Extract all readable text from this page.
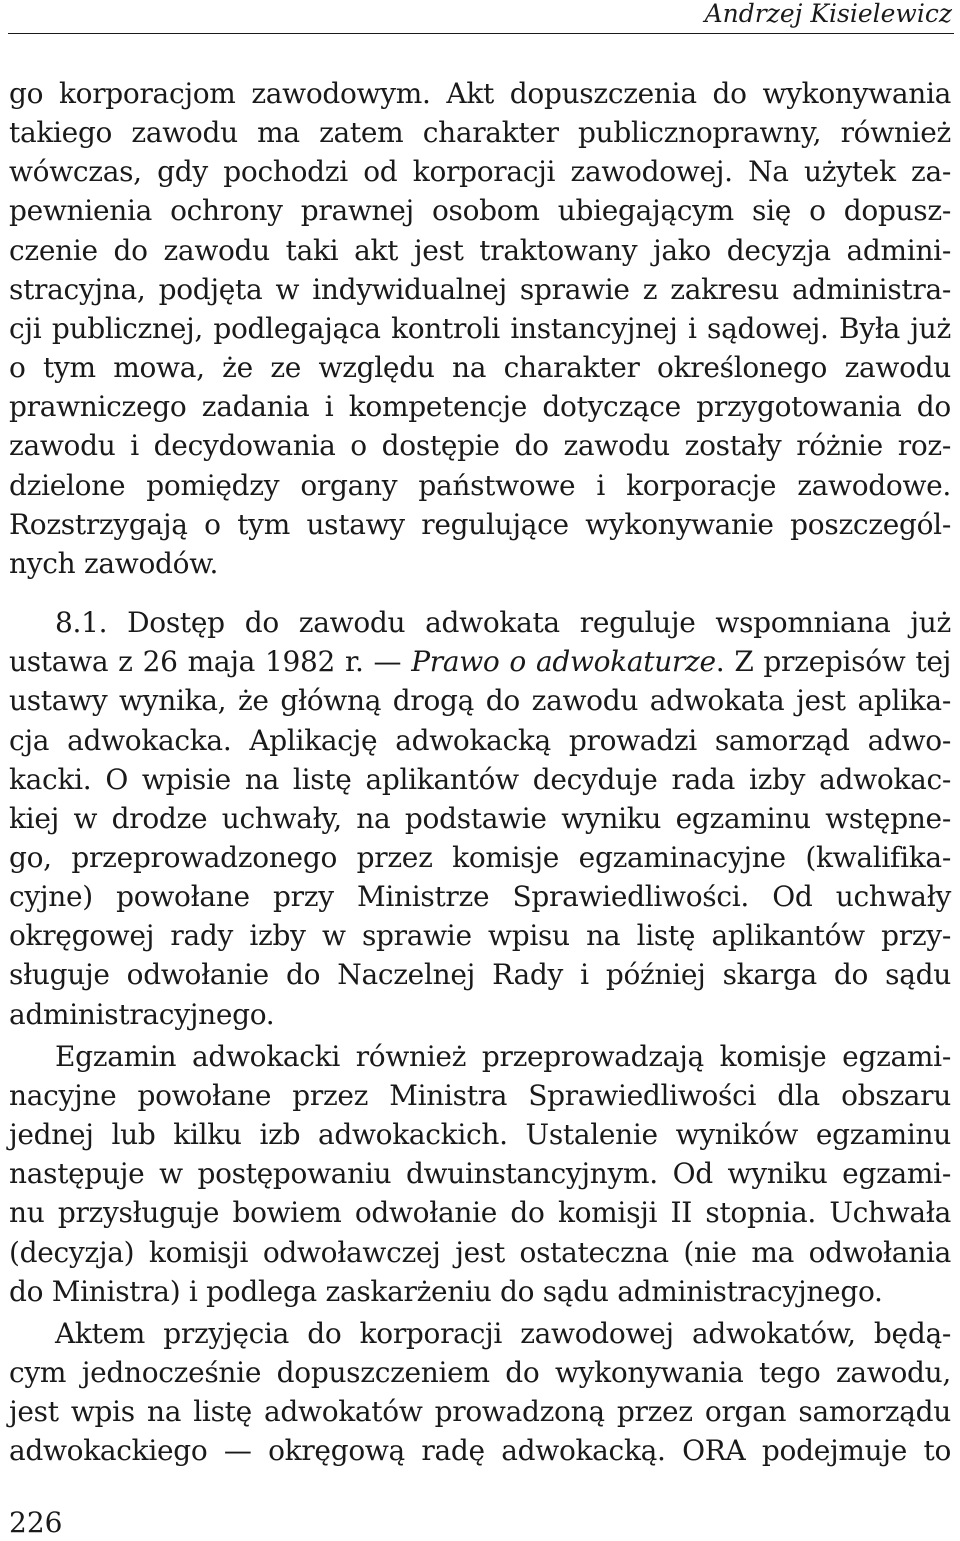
Andrzej Kisielewicz

go korporacjom zawodowym. Akt dopuszczenia do wykonywania
takiego zawodu ma zatem charakter publicznoprawny, również
wówczas, gdy pochodzi od korporacji zawodowej. Na użytek za-
pewnienia ochrony prawnej osobom ubiegającym się o dopusz-
czenie do zawodu taki akt jest traktowany jako decyzja admini-
stracyjna, podjęta w indywidualnej sprawie z zakresu administra-
cji publicznej, podlegająca kontroli instancyjnej i sądowej. Była już
o tym mowa, że ze względu na charakter określonego zawodu
prawniczego zadania i kompetencje dotyczące przygotowania do
zawodu i decydowania o dostępie do zawodu zostały różnie roz-
dzielone pomiędzy organy państwowe i korporacje zawodowe.
Rozstrzygają o tym ustawy regulujące wykonywanie poszczegól-
nych zawodów.

8.1. Dostęp do zawodu adwokata reguluje wspomniana już
ustawa z 26 maja 1982 r. — Prawo o adwokaturze. Z przepisów tej
ustawy wynika, że główną drogą do zawodu adwokata jest aplika-
cja adwokacka. Aplikację adwokacką prowadzi samorząd adwo-
kacki. O wpisie na listę aplikantów decyduje rada izby adwokac-
kiej w drodze uchwały, na podstawie wyniku egzaminu wstępne-
go, przeprowadzonego przez komisje egzaminacyjne (kwalifika-
cyjne) powołane przy Ministrze Sprawiedliwości. Od uchwały
okręgowej rady izby w sprawie wpisu na listę aplikantów przy-
sługuje odwołanie do Naczelnej Rady i później skarga do sądu
administracyjnego.

Egzamin adwokacki również przeprowadzają komisje egzami-
nacyjne powołane przez Ministra Sprawiedliwości dla obszaru
jednej lub kilku izb adwokackich. Ustalenie wyników egzaminu
następuje w postępowaniu dwuinstancyjnym. Od wyniku egzami-
nu przysługuje bowiem odwołanie do komisji II stopnia. Uchwała
(decyzja) komisji odwoławczej jest ostateczna (nie ma odwołania
do Ministra) i podlega zaskarżeniu do sądu administracyjnego.

Aktem przyjęcia do korporacji zawodowej adwokatów, będą-
cym jednocześnie dopuszczeniem do wykonywania tego zawodu,
jest wpis na listę adwokatów prowadzoną przez organ samorządu
adwokackiego — okręgową radę adwokacką. ORA podejmuje to

226
